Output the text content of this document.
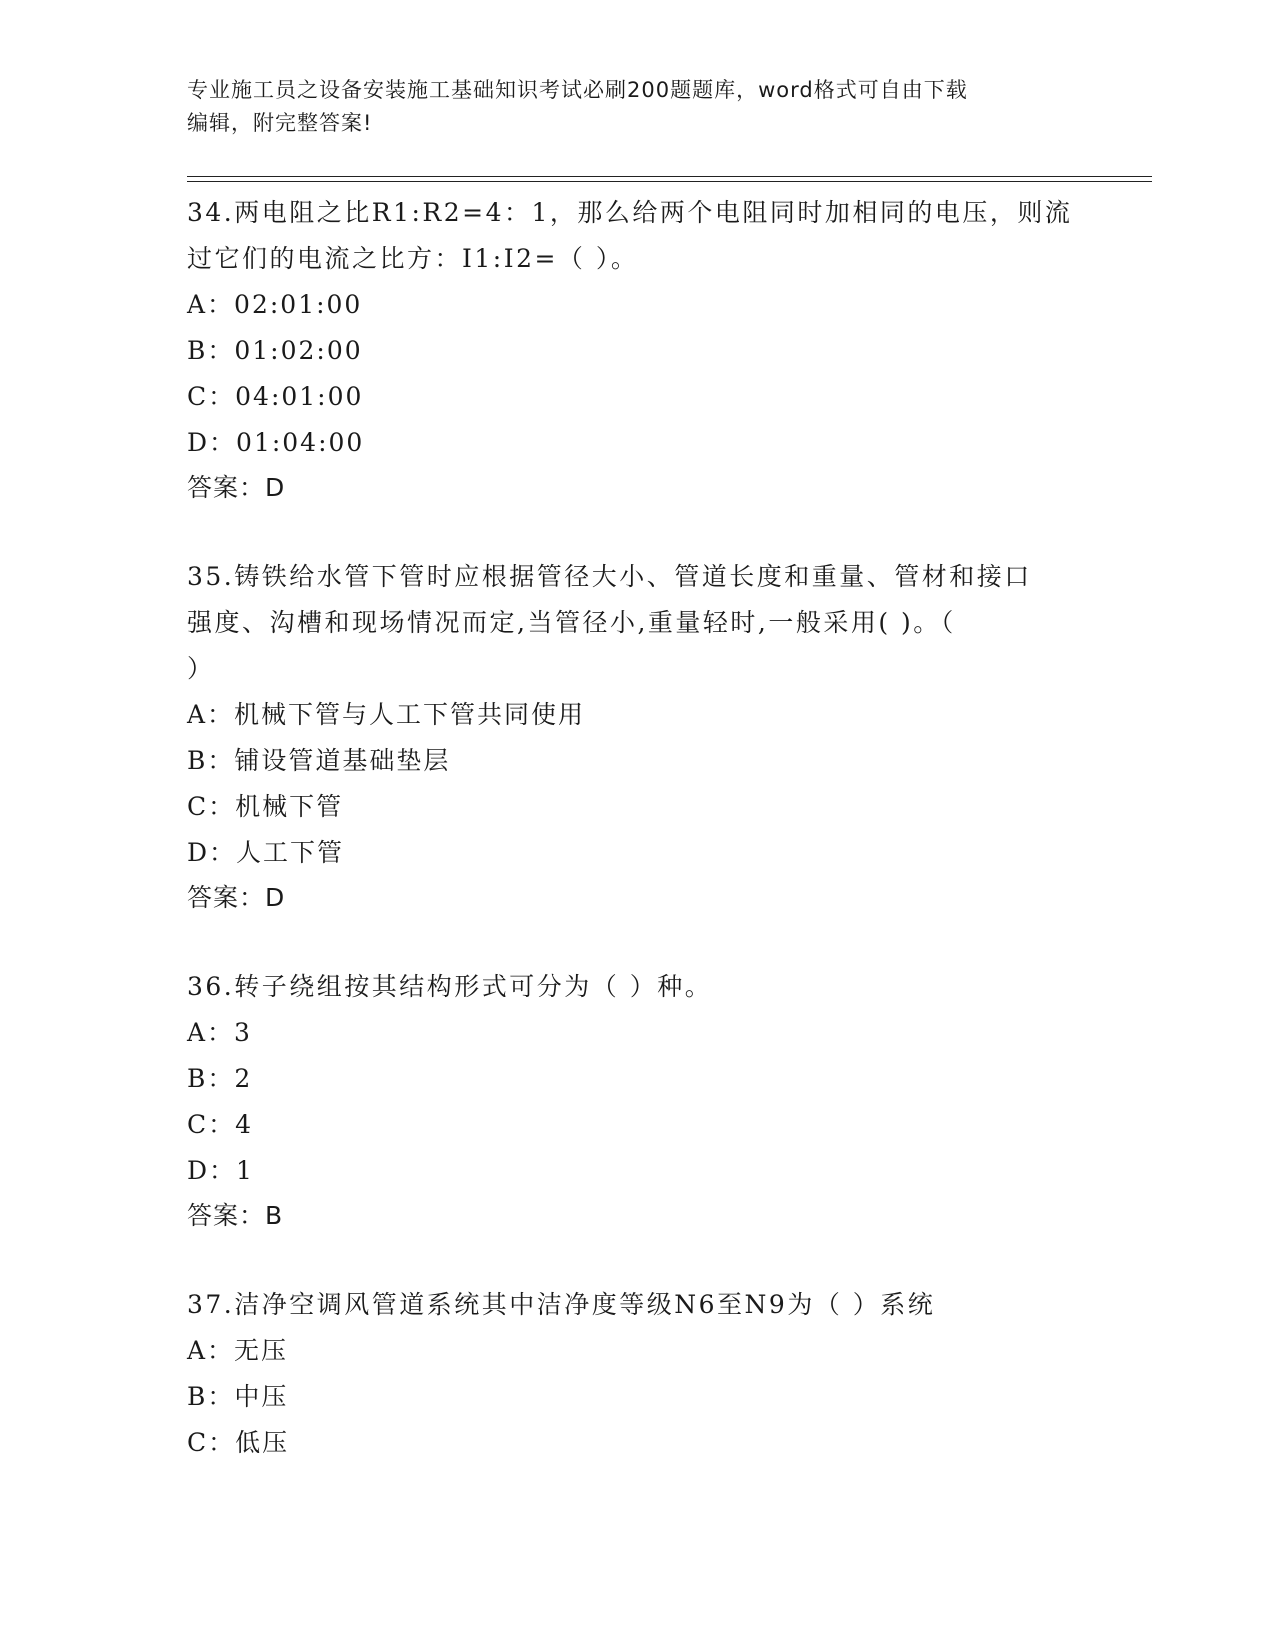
专业施工员之设备安装施工基础知识考试必刷200题题库，word格式可自由下载
编辑，附完整答案!
34.两电阻之比R1:R2=4：1，那么给两个电阻同时加相同的电压，则流
过它们的电流之比方：I1:I2=（ ）。
A：02:01:00
B：01:02:00
C：04:01:00
D：01:04:00
答案：D
35.铸铁给水管下管时应根据管径大小、管道长度和重量、管材和接口
强度、沟槽和现场情况而定,当管径小,重量轻时,一般采用( )。（
）
A：机械下管与人工下管共同使用
B：铺设管道基础垫层
C：机械下管
D：人工下管
答案：D
36.转子绕组按其结构形式可分为（ ）种。
A：3
B：2
C：4
D：1
答案：B
37.洁净空调风管道系统其中洁净度等级N6至N9为（ ）系统
A：无压
B：中压
C：低压
